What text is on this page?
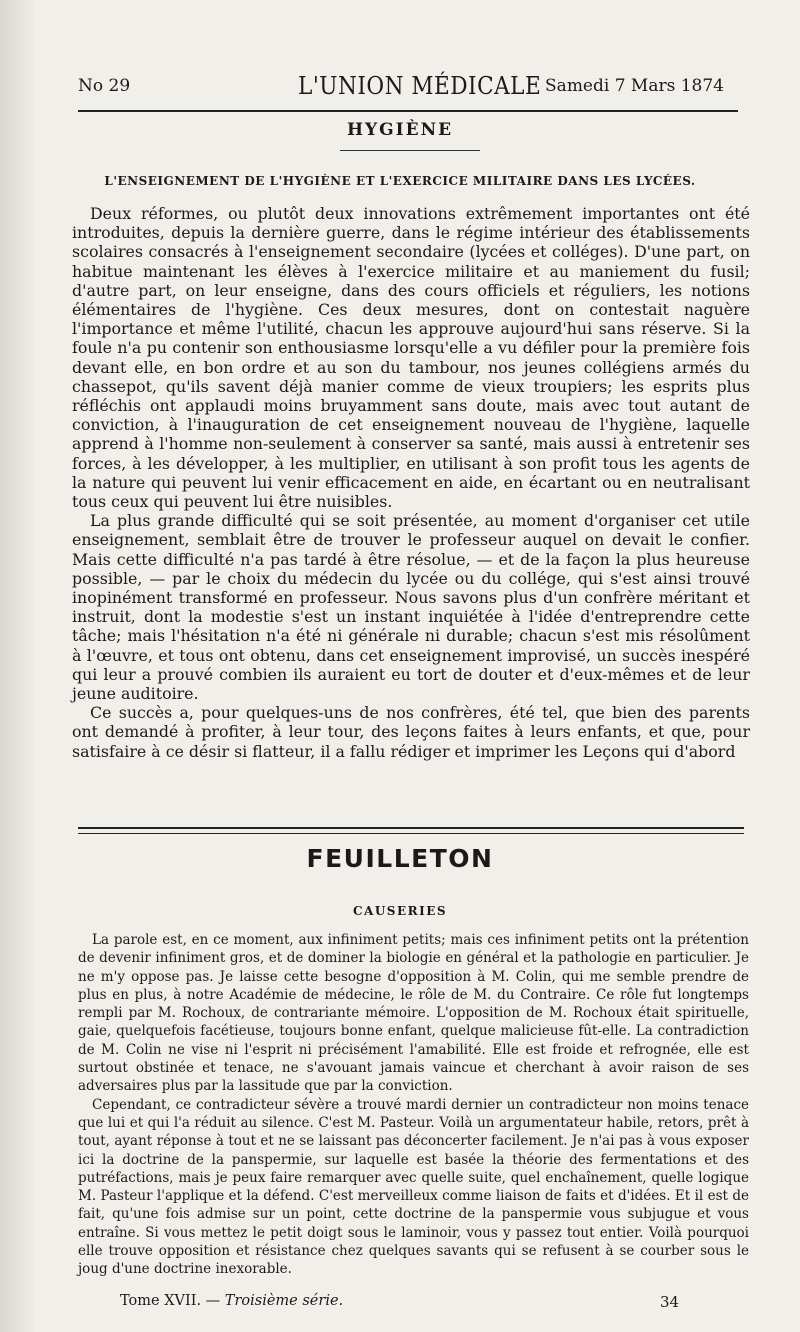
No 29	L'UNION MÉDICALE Samedi 7 Mars 1874
HYGIÈNE
L'ENSEIGNEMENT DE L'HYGIÈNE ET L'EXERCICE MILITAIRE DANS LES LYCÉES.

Deux réformes, ou plutôt deux innovations extrêmement importantes ont été introduites, depuis la dernière guerre, dans le régime intérieur des établissements scolaires consacrés à l'enseignement secondaire (lycées et colléges). D'une part, on habitue maintenant les élèves à l'exercice militaire et au maniement du fusil; d'autre part, on leur enseigne, dans des cours officiels et réguliers, les notions élémentaires de l'hygiène. Ces deux mesures, dont on contestait naguère l'importance et même l'utilité, chacun les approuve aujourd'hui sans réserve. Si la foule n'a pu contenir son enthousiasme lorsqu'elle a vu défiler pour la première fois devant elle, en bon ordre et au son du tambour, nos jeunes collégiens armés du chassepot, qu'ils savent déjà manier comme de vieux troupiers; les esprits plus réfléchis ont applaudi moins bruyamment sans doute, mais avec tout autant de conviction, à l'inauguration de cet enseignement nouveau de l'hygiène, laquelle apprend à l'homme non-seulement à conserver sa santé, mais aussi à entretenir ses forces, à les développer, à les multiplier, en utilisant à son profit tous les agents de la nature qui peuvent lui venir efficacement en aide, en écartant ou en neutralisant tous ceux qui peuvent lui être nuisibles.

La plus grande difficulté qui se soit présentée, au moment d'organiser cet utile enseignement, semblait être de trouver le professeur auquel on devait le confier. Mais cette difficulté n'a pas tardé à être résolue, — et de la façon la plus heureuse possible, — par le choix du médecin du lycée ou du collége, qui s'est ainsi trouvé inopinément transformé en professeur. Nous savons plus d'un confrère méritant et instruit, dont la modestie s'est un instant inquiétée à l'idée d'entreprendre cette tâche; mais l'hésitation n'a été ni générale ni durable; chacun s'est mis résolûment à l'œuvre, et tous ont obtenu, dans cet enseignement improvisé, un succès inespéré qui leur a prouvé combien ils auraient eu tort de douter et d'eux-mêmes et de leur jeune auditoire.

Ce succès a, pour quelques-uns de nos confrères, été tel, que bien des parents ont demandé à profiter, à leur tour, des leçons faites à leurs enfants, et que, pour satisfaire à ce désir si flatteur, il a fallu rédiger et imprimer les Leçons qui d'abord

FEUILLETON
CAUSERIES

La parole est, en ce moment, aux infiniment petits; mais ces infiniment petits ont la prétention de devenir infiniment gros, et de dominer la biologie en général et la pathologie en particulier. Je ne m'y oppose pas. Je laisse cette besogne d'opposition à M. Colin, qui me semble prendre de plus en plus, à notre Académie de médecine, le rôle de M. du Contraire. Ce rôle fut longtemps rempli par M. Rochoux, de contrariante mémoire. L'opposition de M. Rochoux était spirituelle, gaie, quelquefois facétieuse, toujours bonne enfant, quelque malicieuse fût-elle. La contradiction de M. Colin ne vise ni l'esprit ni précisément l'amabilité. Elle est froide et refrognée, elle est surtout obstinée et tenace, ne s'avouant jamais vaincue et cherchant à avoir raison de ses adversaires plus par la lassitude que par la conviction.

Cependant, ce contradicteur sévère a trouvé mardi dernier un contradicteur non moins tenace que lui et qui l'a réduit au silence. C'est M. Pasteur. Voilà un argumentateur habile, retors, prêt à tout, ayant réponse à tout et ne se laissant pas déconcerter facilement. Je n'ai pas à vous exposer ici la doctrine de la panspermie, sur laquelle est basée la théorie des fermentations et des putréfactions, mais je peux faire remarquer avec quelle suite, quel enchaînement, quelle logique M. Pasteur l'applique et la défend. C'est merveilleux comme liaison de faits et d'idées. Et il est de fait, qu'une fois admise sur un point, cette doctrine de la panspermie vous subjugue et vous entraîne. Si vous mettez le petit doigt sous le laminoir, vous y passez tout entier. Voilà pourquoi elle trouve opposition et résistance chez quelques savants qui se refusent à se courber sous le joug d'une doctrine inexorable.

Tome XVII. — Troisième série.	34
